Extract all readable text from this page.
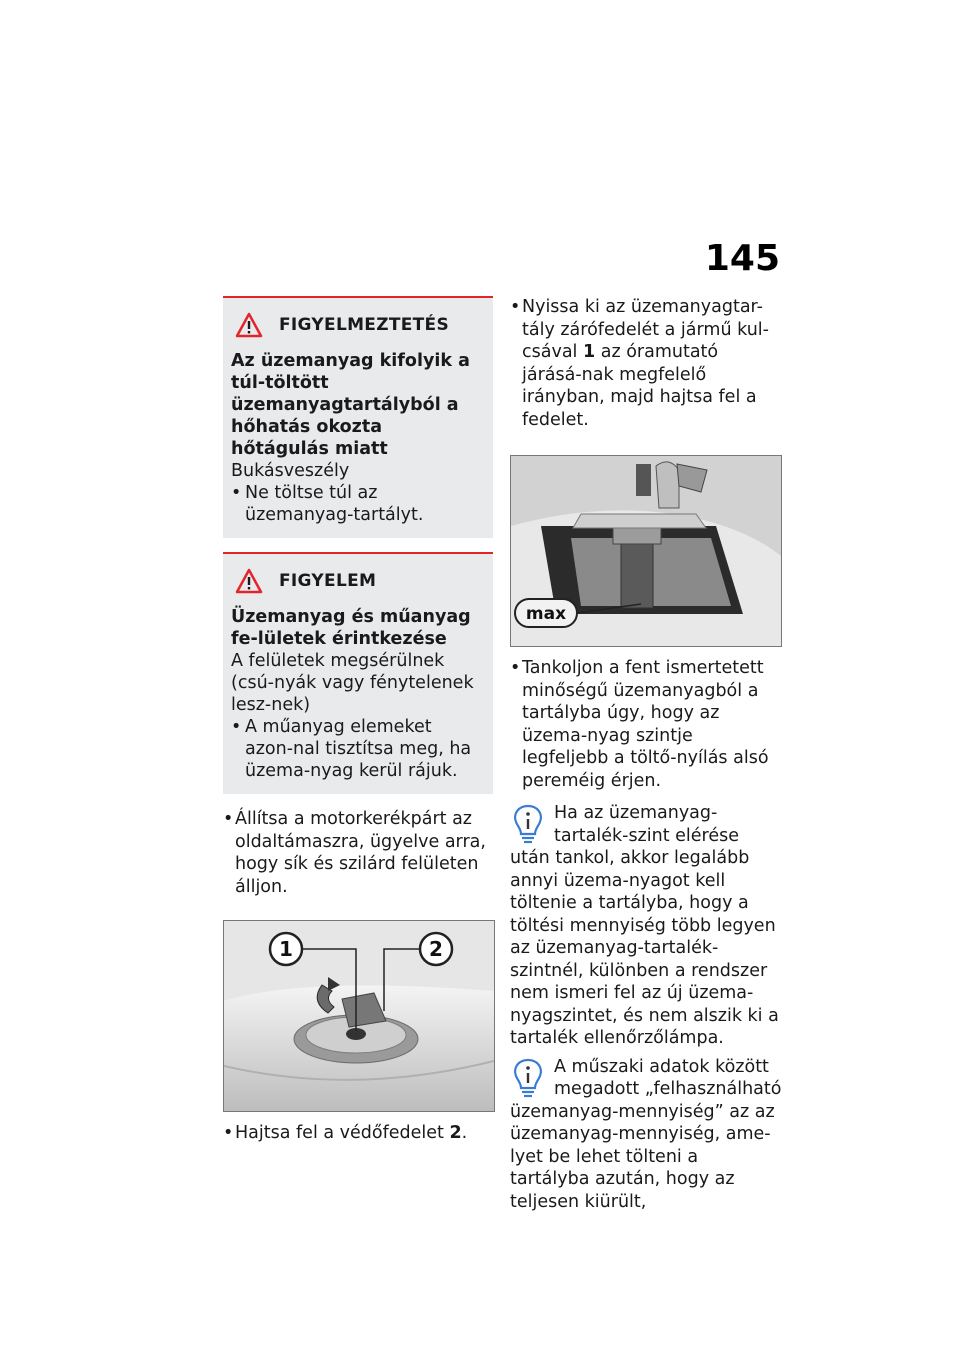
145
FIGYELMEZTETÉS
Az üzemanyag kifolyik a túl-töltött üzemanyagtartályból a hőhatás okozta hőtágulás miatt
Bukásveszély
• Ne töltse túl az üzemanyag-tartályt.
FIGYELEM
Üzemanyag és műanyag fe-lületek érintkezése
A felületek megsérülnek (csú-nyák vagy fénytelenek lesz-nek)
• A műanyag elemeket azon-nal tisztítsa meg, ha üzema-nyag kerül rájuk.
• Állítsa a motorkerékpárt az oldaltámaszra, ügyelve arra, hogy sík és szilárd felületen álljon.
1	2
• Hajtsa fel a védőfedelet 2.
• Nyissa ki az üzemanyagtar-tály zárófedelét a jármű kul-csával 1 az óramutató járásá-nak megfelelő irányban, majd hajtsa fel a fedelet.
max
• Tankoljon a fent ismertetett minőségű üzemanyagból a tartályba úgy, hogy az üzema-nyag szintje legfeljebb a töltő-nyílás alsó pereméig érjen.
Ha az üzemanyag-tartalék-szint elérése után tankol, akkor legalább annyi üzema-nyagot kell töltenie a tartályba, hogy a töltési mennyiség több legyen az üzemanyag-tartalék-szintnél, különben a rendszer nem ismeri fel az új üzema-nyagszintet, és nem alszik ki a tartalék ellenőrzőlámpa.
A műszaki adatok között megadott „felhasználható üzemanyag-mennyiség” az az üzemanyag-mennyiség, ame-lyet be lehet tölteni a tartályba azután, hogy az teljesen kiürült,
